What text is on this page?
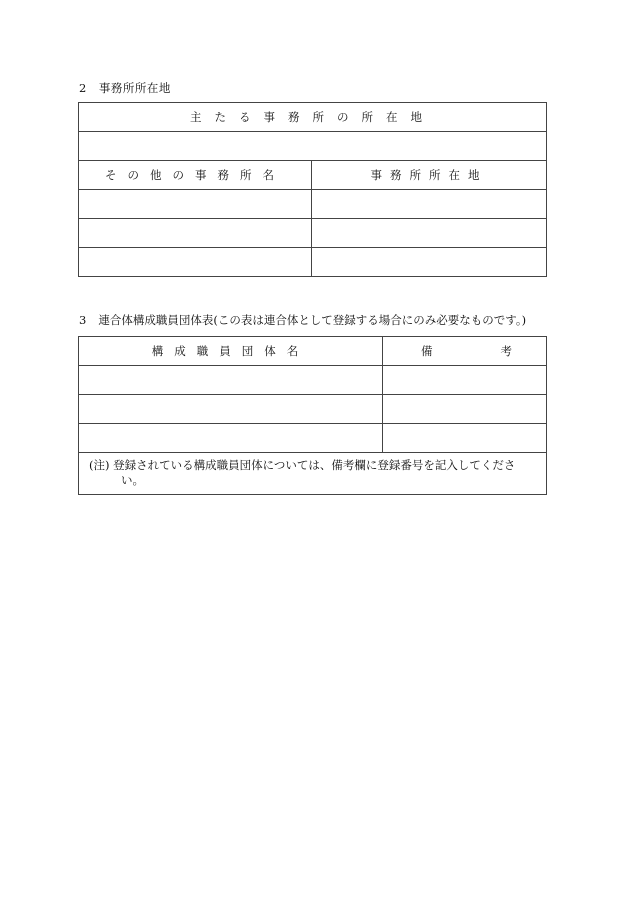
2 事務所所在地
主たる事務所の所在地	

その他の事務所名	事務所所在地

3 連合体構成職員団体表(この表は連合体として登録する場合にのみ必要なものです。)
構成職員団体名	備 考

(注) 登録されている構成職員団体については、備考欄に登録番号を記入してください。	
